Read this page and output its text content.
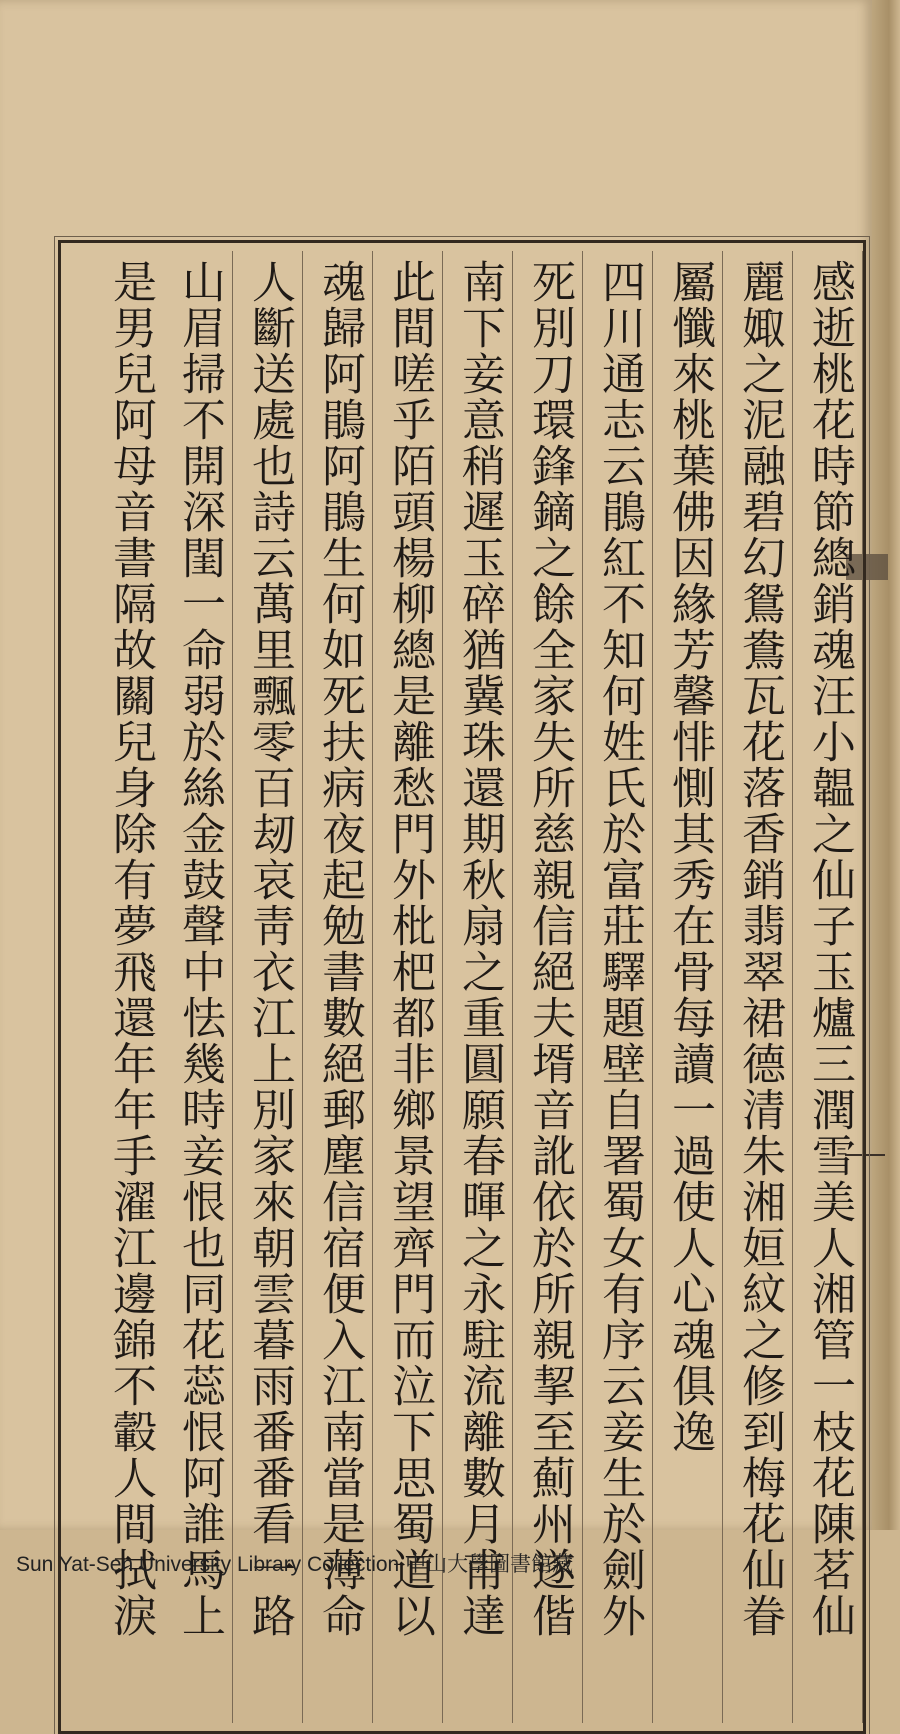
感逝桃花時節總銷魂汪小韞之仙子玉爐三潤雪美人湘管一枝花陳茗仙
麗娵之泥融碧幻鴛鴦瓦花落香銷翡翠裙德清朱湘姮紋之修到梅花仙眷
屬懺來桃葉佛因緣芳馨悱惻其秀在骨每讀一過使人心魂俱逸
四川通志云鵑紅不知何姓氏於富莊驛題壁自署蜀女有序云妾生於劍外
死別刀環鋒鏑之餘全家失所慈親信絕夫壻音訛依於所親挈至薊州遂偕
南下妾意稍遲玉碎猶冀珠還期秋扇之重圓願春暉之永駐流離數月甫達
此間嗟乎陌頭楊柳總是離愁門外枇杷都非鄉景望齊門而泣下思蜀道以
魂歸阿鵑阿鵑生何如死扶病夜起勉書數絕郵塵信宿便入江南當是薄命
人斷送處也詩云萬里飄零百刼哀靑衣江上別家來朝雲暮雨番番看一路
山眉掃不開深閨一命弱於絲金鼓聲中怯幾時妾恨也同花蕊恨阿誰馬上
是男兒阿母音書隔故關兒身除有夢飛還年年手濯江邊錦不轂人間拭淚
Sun Yat-Sen University Library Collection 中山大學圖書館藏
